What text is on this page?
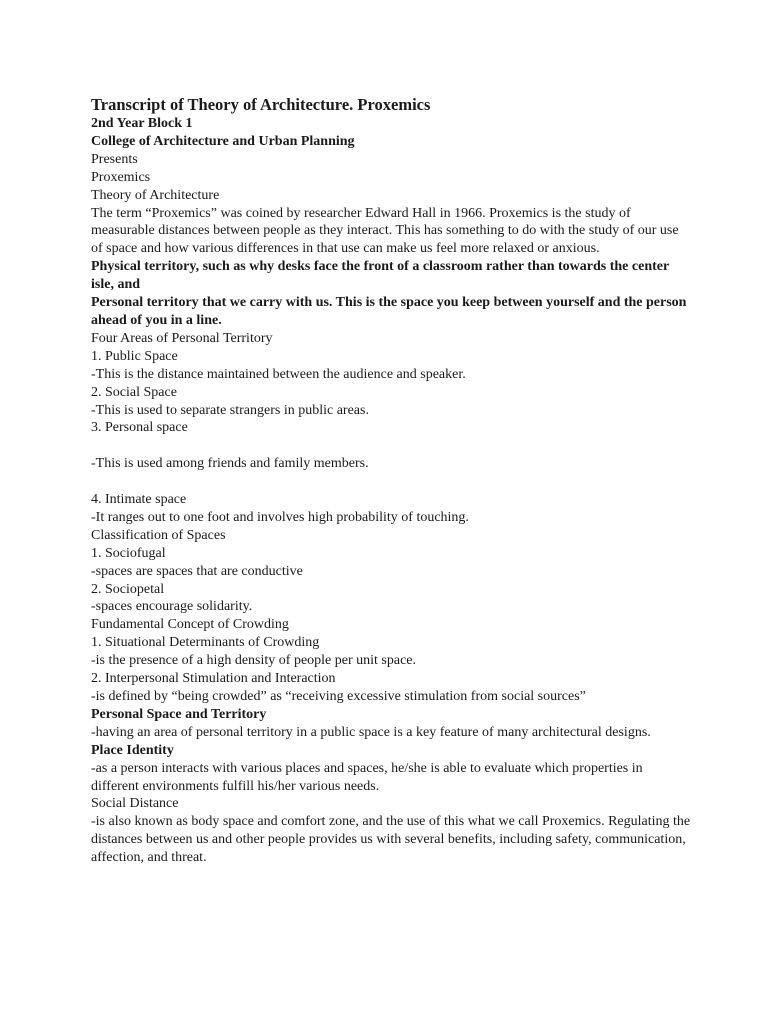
Transcript of Theory of Architecture. Proxemics
2nd Year Block 1
College of Architecture and Urban Planning
Presents
Proxemics
Theory of Architecture
The term “Proxemics” was coined by researcher Edward Hall in 1966. Proxemics is the study of measurable distances between people as they interact. This has something to do with the study of our use of space and how various differences in that use can make us feel more relaxed or anxious.
Physical territory, such as why desks face the front of a classroom rather than towards the center isle, and
Personal territory that we carry with us. This is the space you keep between yourself and the person ahead of you in a line.
Four Areas of Personal Territory
1. Public Space
-This is the distance maintained between the audience and speaker.
2. Social Space
-This is used to separate strangers in public areas.
3. Personal space
-This is used among friends and family members.
4. Intimate space
-It ranges out to one foot and involves high probability of touching.
Classification of Spaces
1. Sociofugal
-spaces are spaces that are conductive
2. Sociopetal
-spaces encourage solidarity.
Fundamental Concept of Crowding
1. Situational Determinants of Crowding
-is the presence of a high density of people per unit space.
2. Interpersonal Stimulation and Interaction
-is defined by “being crowded” as “receiving excessive stimulation from social sources”
Personal Space and Territory
-having an area of personal territory in a public space is a key feature of many architectural designs.
Place Identity
-as a person interacts with various places and spaces, he/she is able to evaluate which properties in different environments fulfill his/her various needs.
Social Distance
-is also known as body space and comfort zone, and the use of this what we call Proxemics. Regulating the distances between us and other people provides us with several benefits, including safety, communication, affection, and threat.
